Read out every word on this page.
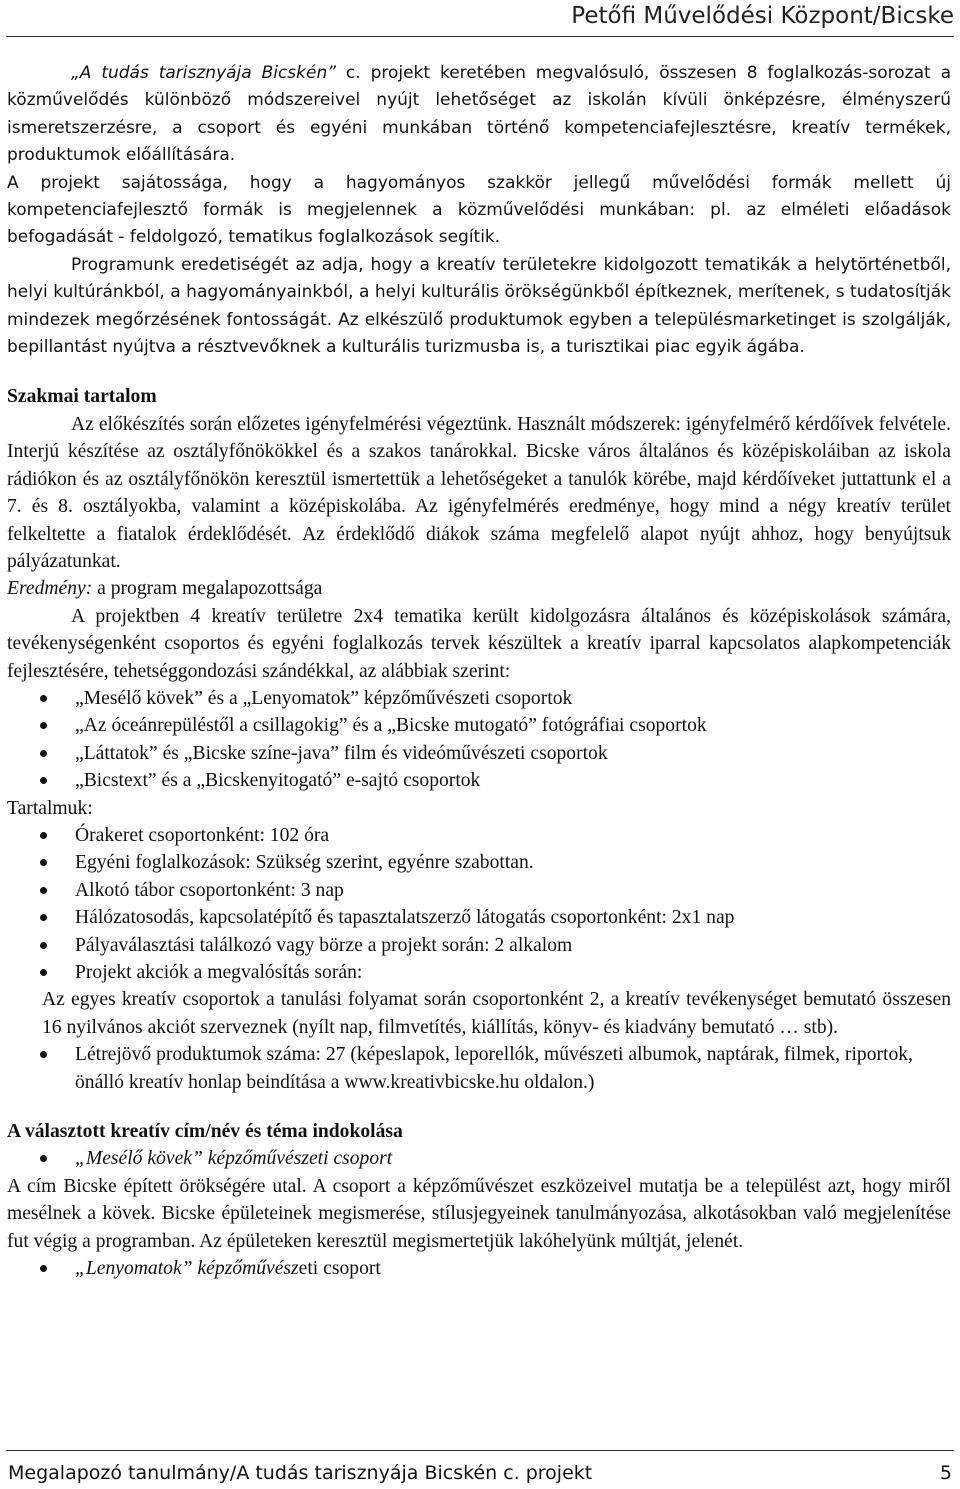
Petőfi Művelődési Központ/Bicske

„A tudás tarisznyája Bicskén” c. projekt keretében megvalósuló, összesen 8 foglalkozás-sorozat a közművelődés különböző módszereivel nyújt lehetőséget az iskolán kívüli önképzésre, élményszerű ismeretszerzésre, a csoport és egyéni munkában történő kompetenciafejlesztésre, kreatív termékek, produktumok előállítására.

A projekt sajátossága, hogy a hagyományos szakkör jellegű művelődési formák mellett új kompetenciafejlesztő formák is megjelennek a közművelődési munkában: pl. az elméleti előadások befogadását - feldolgozó, tematikus foglalkozások segítik.

Programunk eredetiségét az adja, hogy a kreatív területekre kidolgozott tematikák a helytörténetből, helyi kultúránkból, a hagyományainkból, a helyi kulturális örökségünkből építkeznek, merítenek, s tudatosítják mindezek megőrzésének fontosságát. Az elkészülő produktumok egyben a településmarketinget is szolgálják, bepillantást nyújtva a résztvevőknek a kulturális turizmusba is, a turisztikai piac egyik ágába.

Szakmai tartalom

Az előkészítés során előzetes igényfelmérési végeztünk. Használt módszerek: igényfelmérő kérdőívek felvétele. Interjú készítése az osztályfőnökökkel és a szakos tanárokkal. Bicske város általános és középiskoláiban az iskola rádiókon és az osztályfőnökön keresztül ismertettük a lehetőségeket a tanulók körébe, majd kérdőíveket juttattunk el a 7. és 8. osztályokba, valamint a középiskolába. Az igényfelmérés eredménye, hogy mind a négy kreatív terület felkeltette a fiatalok érdeklődését. Az érdeklődő diákok száma megfelelő alapot nyújt ahhoz, hogy benyújtsuk pályázatunkat.

Eredmény: a program megalapozottsága

A projektben 4 kreatív területre 2x4 tematika került kidolgozásra általános és középiskolások számára, tevékenységenként csoportos és egyéni foglalkozás tervek készültek a kreatív iparral kapcsolatos alapkompetenciák fejlesztésére, tehetséggondozási szándékkal, az alábbiak szerint:

„Mesélő kövek” és a „Lenyomatok” képzőművészeti csoportok
„Az óceánrepüléstől a csillagokig” és a „Bicske mutogató” fotógráfiai csoportok
„Láttatok” és „Bicske színe-java” film és videóművészeti csoportok
„Bicstext” és a „Bicskenyitogató” e-sajtó csoportok

Tartalmuk:

Órakeret csoportonként: 102 óra
Egyéni foglalkozások: Szükség szerint, egyénre szabottan.
Alkotó tábor csoportonként: 3 nap
Hálózatosodás, kapcsolatépítő és tapasztalatszerző látogatás csoportonként: 2x1 nap
Pályaválasztási találkozó vagy börze a projekt során: 2 alkalom
Projekt akciók a megvalósítás során:

Az egyes kreatív csoportok a tanulási folyamat során csoportonként 2, a kreatív tevékenységet bemutató összesen 16 nyilvános akciót szerveznek (nyílt nap, filmvetítés, kiállítás, könyv- és kiadvány bemutató … stb).

Létrejövő produktumok száma: 27 (képeslapok, leporellók, művészeti albumok, naptárak, filmek, riportok, önálló kreatív honlap beindítása a www.kreativbicske.hu oldalon.)

A választott kreatív cím/név és téma indokolása

„Mesélő kövek” képzőművészeti csoport

A cím Bicske épített örökségére utal. A csoport a képzőművészet eszközeivel mutatja be a települést azt, hogy miről mesélnek a kövek. Bicske épületeinek megismerése, stílusjegyeinek tanulmányozása, alkotásokban való megjelenítése fut végig a programban. Az épületeken keresztül megismertetjük lakóhelyünk múltját, jelenét.

„Lenyomatok” képzőművészeti csoport
Megalapozó tanulmány/A tudás tarisznyája Bicskén c. projekt	5
